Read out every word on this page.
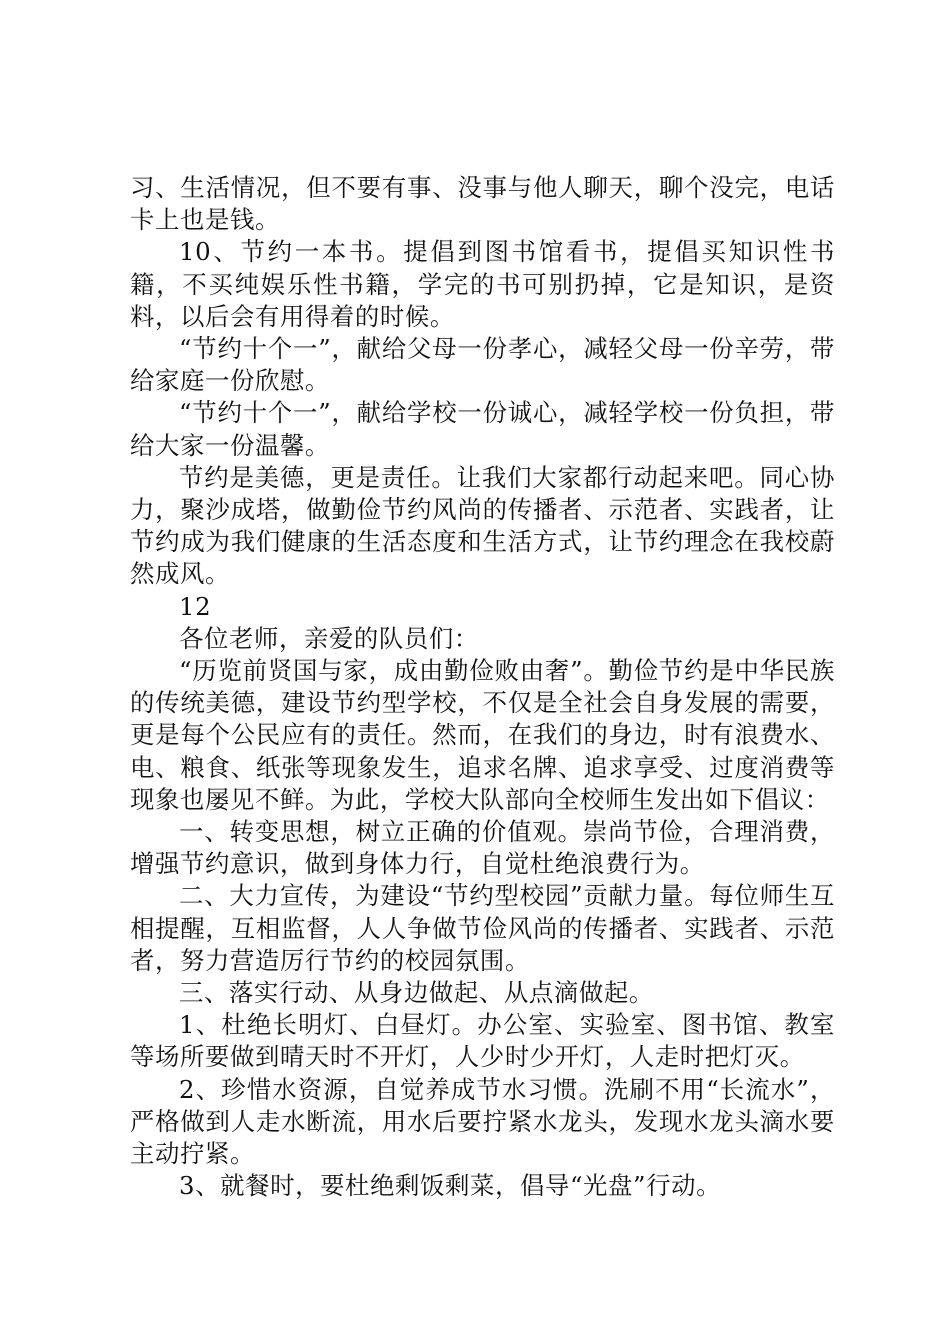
习、生活情况，但不要有事、没事与他人聊天，聊个没完，电话卡上也是钱。

10、节约一本书。提倡到图书馆看书，提倡买知识性书籍，不买纯娱乐性书籍，学完的书可别扔掉，它是知识，是资料，以后会有用得着的时候。

“节约十个一”，献给父母一份孝心，减轻父母一份辛劳，带给家庭一份欣慰。

“节约十个一”，献给学校一份诚心，减轻学校一份负担，带给大家一份温馨。

节约是美德，更是责任。让我们大家都行动起来吧。同心协力，聚沙成塔，做勤俭节约风尚的传播者、示范者、实践者，让节约成为我们健康的生活态度和生活方式，让节约理念在我校蔚然成风。

12

各位老师，亲爱的队员们：

“历览前贤国与家，成由勤俭败由奢”。勤俭节约是中华民族的传统美德，建设节约型学校，不仅是全社会自身发展的需要，更是每个公民应有的责任。然而，在我们的身边，时有浪费水、电、粮食、纸张等现象发生，追求名牌、追求享受、过度消费等现象也屡见不鲜。为此，学校大队部向全校师生发出如下倡议：

一、转变思想，树立正确的价值观。崇尚节俭，合理消费，增强节约意识，做到身体力行，自觉杜绝浪费行为。

二、大力宣传，为建设“节约型校园”贡献力量。每位师生互相提醒，互相监督，人人争做节俭风尚的传播者、实践者、示范者，努力营造厉行节约的校园氛围。

三、落实行动、从身边做起、从点滴做起。

1、杜绝长明灯、白昼灯。办公室、实验室、图书馆、教室等场所要做到晴天时不开灯，人少时少开灯，人走时把灯灭。

2、珍惜水资源，自觉养成节水习惯。洗刷不用“长流水”，严格做到人走水断流，用水后要拧紧水龙头，发现水龙头滴水要主动拧紧。

3、就餐时，要杜绝剩饭剩菜，倡导“光盘”行动。
